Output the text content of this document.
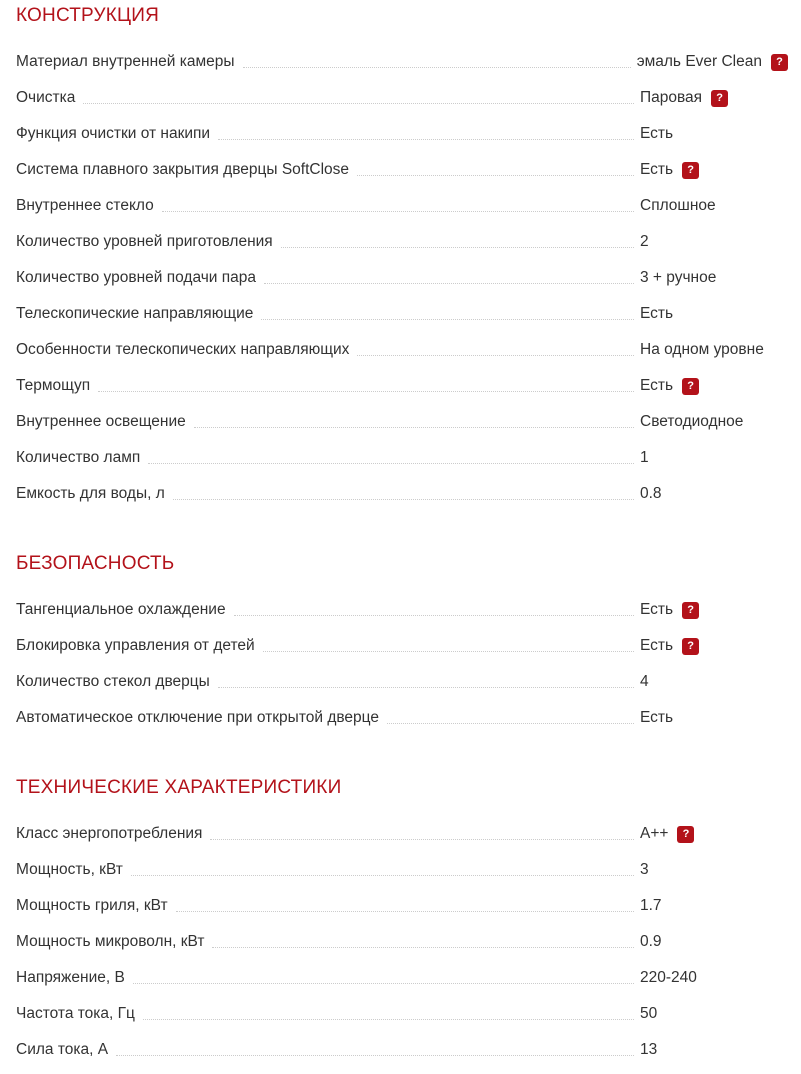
КОНСТРУКЦИЯ
Материал внутренней камеры	эмаль Ever Clean ?
Очистка	Паровая ?
Функция очистки от накипи	Есть
Система плавного закрытия дверцы SoftClose	Есть ?
Внутреннее стекло	Сплошное
Количество уровней приготовления	2
Количество уровней подачи пара	3 + ручное
Телескопические направляющие	Есть
Особенности телескопических направляющих	На одном уровне
Термощуп	Есть ?
Внутреннее освещение	Светодиодное
Количество ламп	1
Емкость для воды, л	0.8
БЕЗОПАСНОСТЬ
Тангенциальное охлаждение	Есть ?
Блокировка управления от детей	Есть ?
Количество стекол дверцы	4
Автоматическое отключение при открытой дверце	Есть
ТЕХНИЧЕСКИЕ ХАРАКТЕРИСТИКИ
Класс энергопотребления	A++ ?
Мощность, кВт	3
Мощность гриля, кВт	1.7
Мощность микроволн, кВт	0.9
Напряжение, В	220-240
Частота тока, Гц	50
Сила тока, А	13
